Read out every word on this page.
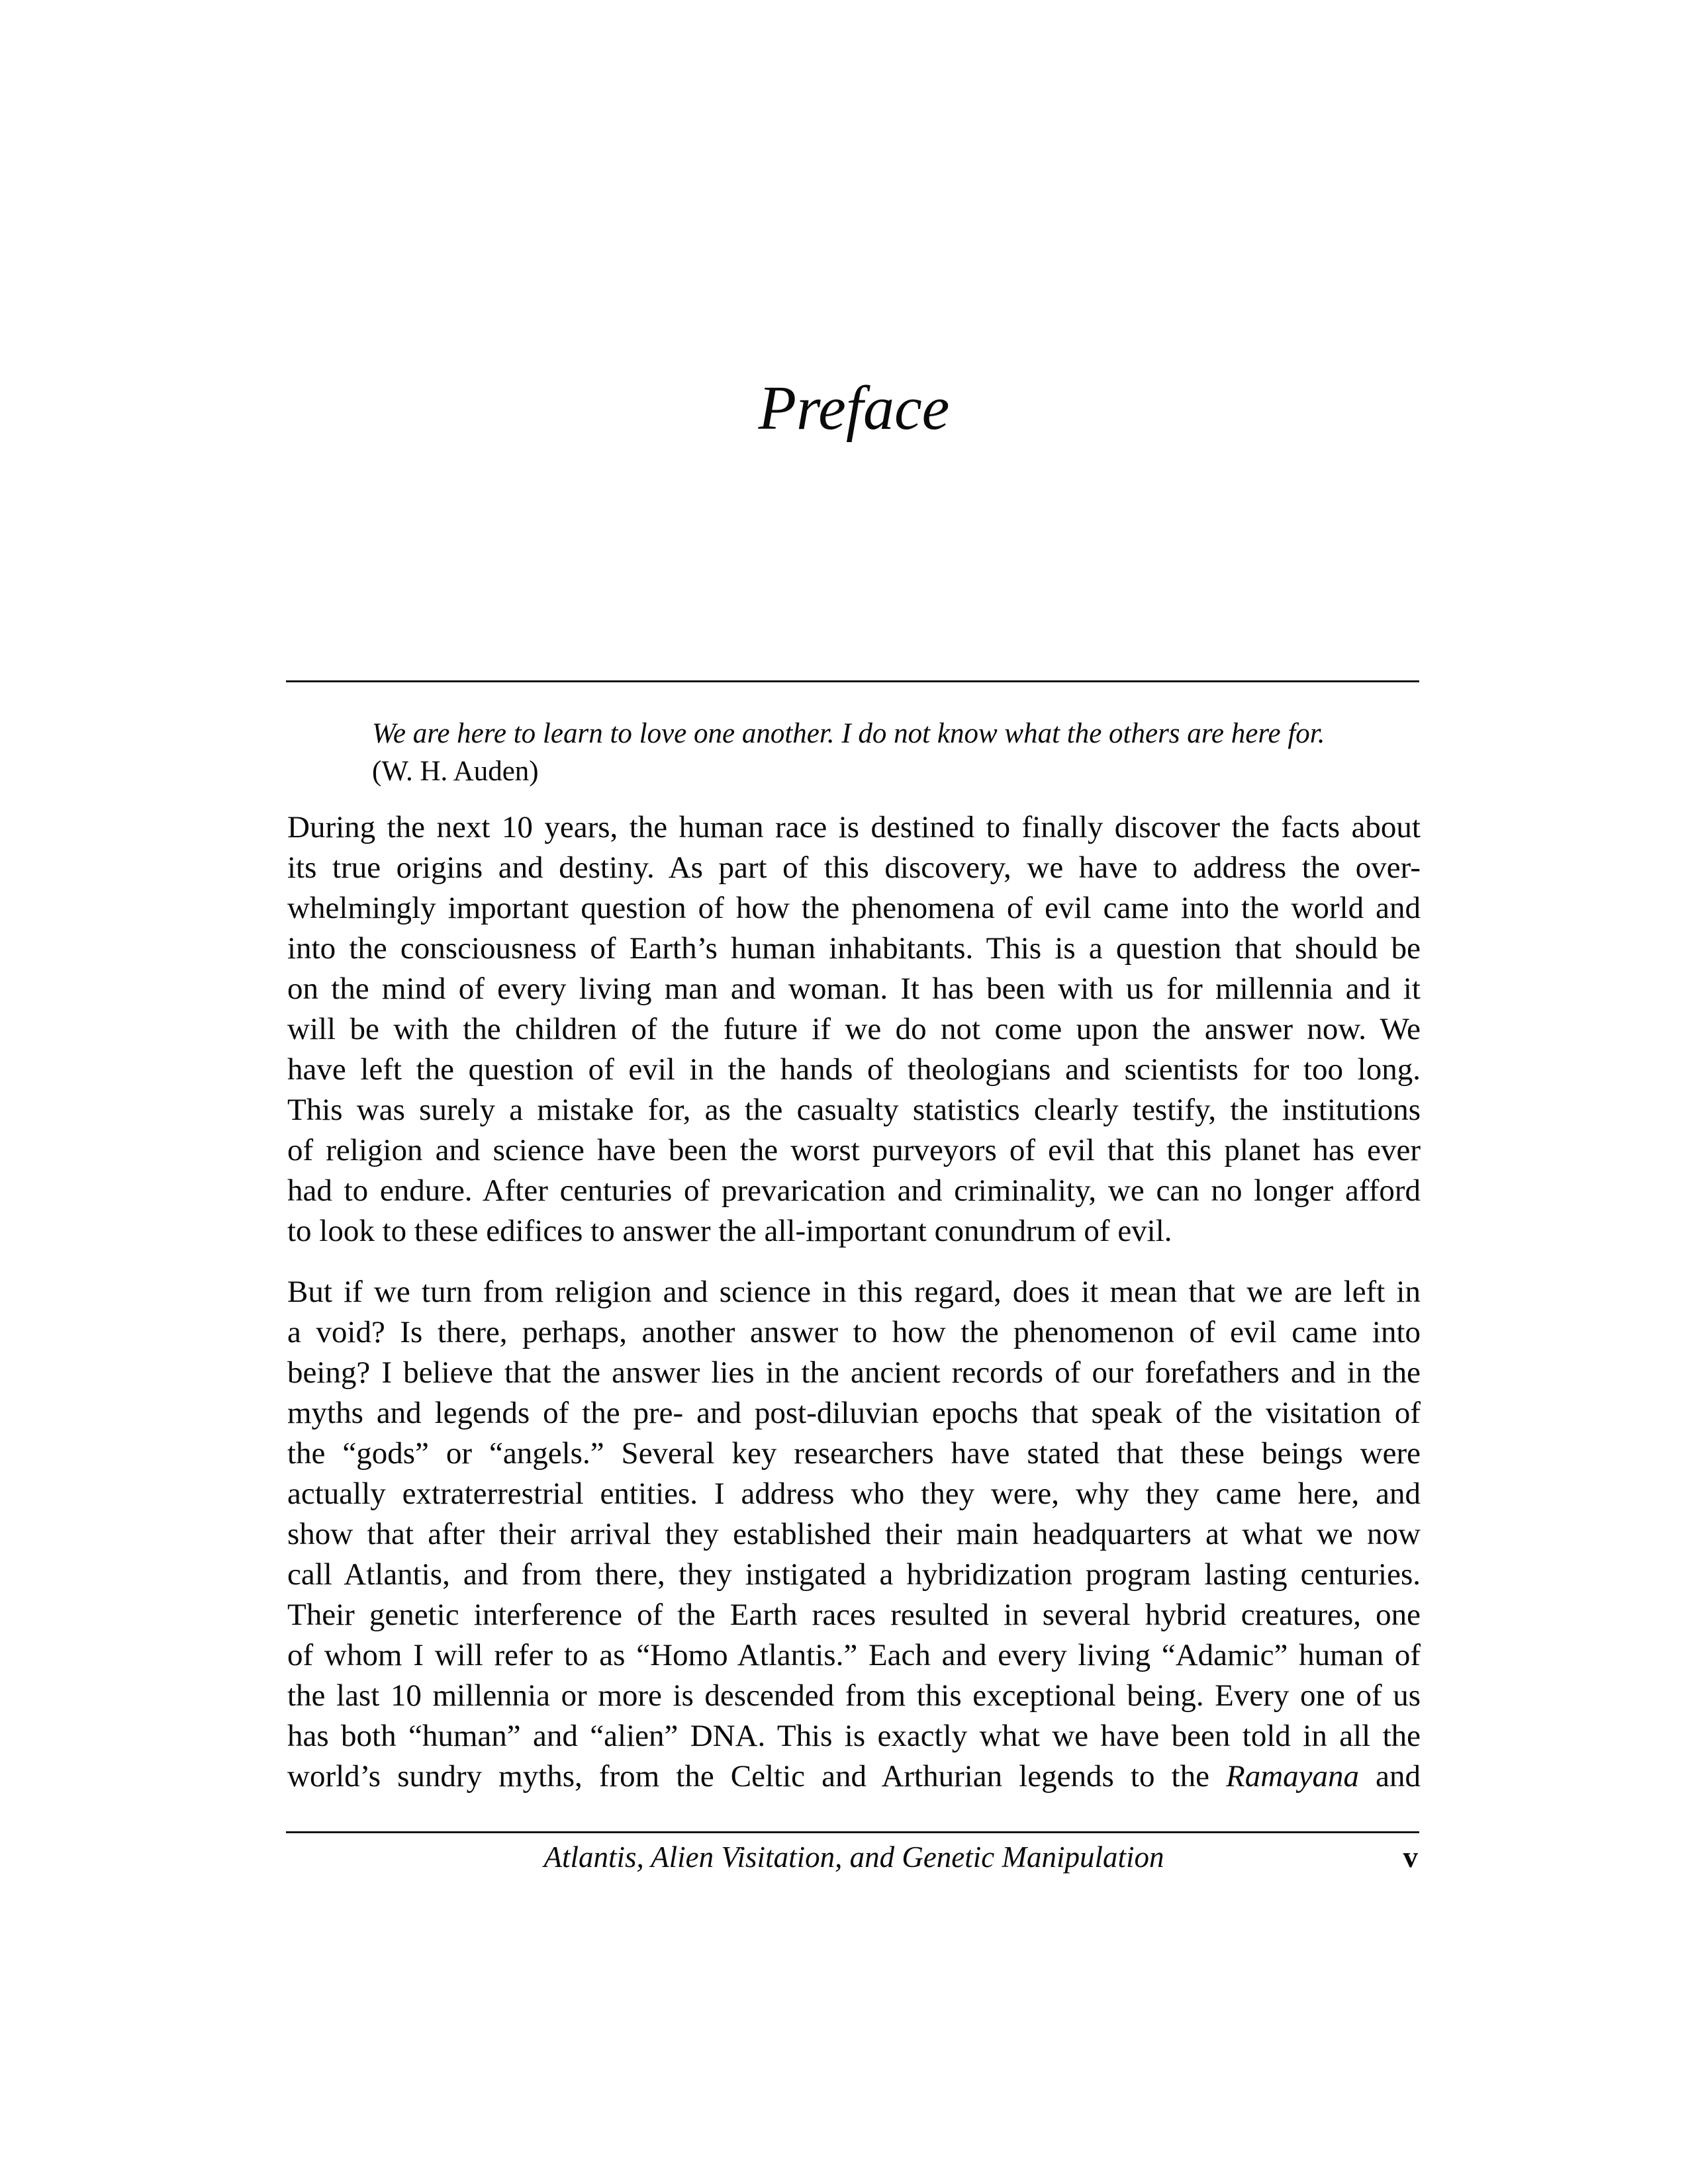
Preface
We are here to learn to love one another. I do not know what the others are here for.
(W. H. Auden)
During the next 10 years, the human race is destined to finally discover the facts about
its true origins and destiny. As part of this discovery, we have to address the over-
whelmingly important question of how the phenomena of evil came into the world and
into the consciousness of Earth’s human inhabitants. This is a question that should be
on the mind of every living man and woman. It has been with us for millennia and it
will be with the children of the future if we do not come upon the answer now. We
have left the question of evil in the hands of theologians and scientists for too long.
This was surely a mistake for, as the casualty statistics clearly testify, the institutions
of religion and science have been the worst purveyors of evil that this planet has ever
had to endure. After centuries of prevarication and criminality, we can no longer afford
to look to these edifices to answer the all-important conundrum of evil.
But if we turn from religion and science in this regard, does it mean that we are left in
a void? Is there, perhaps, another answer to how the phenomenon of evil came into
being? I believe that the answer lies in the ancient records of our forefathers and in the
myths and legends of the pre- and post-diluvian epochs that speak of the visitation of
the “gods” or “angels.” Several key researchers have stated that these beings were
actually extraterrestrial entities. I address who they were, why they came here, and
show that after their arrival they established their main headquarters at what we now
call Atlantis, and from there, they instigated a hybridization program lasting centuries.
Their genetic interference of the Earth races resulted in several hybrid creatures, one
of whom I will refer to as “Homo Atlantis.” Each and every living “Adamic” human of
the last 10 millennia or more is descended from this exceptional being. Every one of us
has both “human” and “alien” DNA. This is exactly what we have been told in all the
world’s sundry myths, from the Celtic and Arthurian legends to the Ramayana and
Atlantis, Alien Visitation, and Genetic Manipulation	v
